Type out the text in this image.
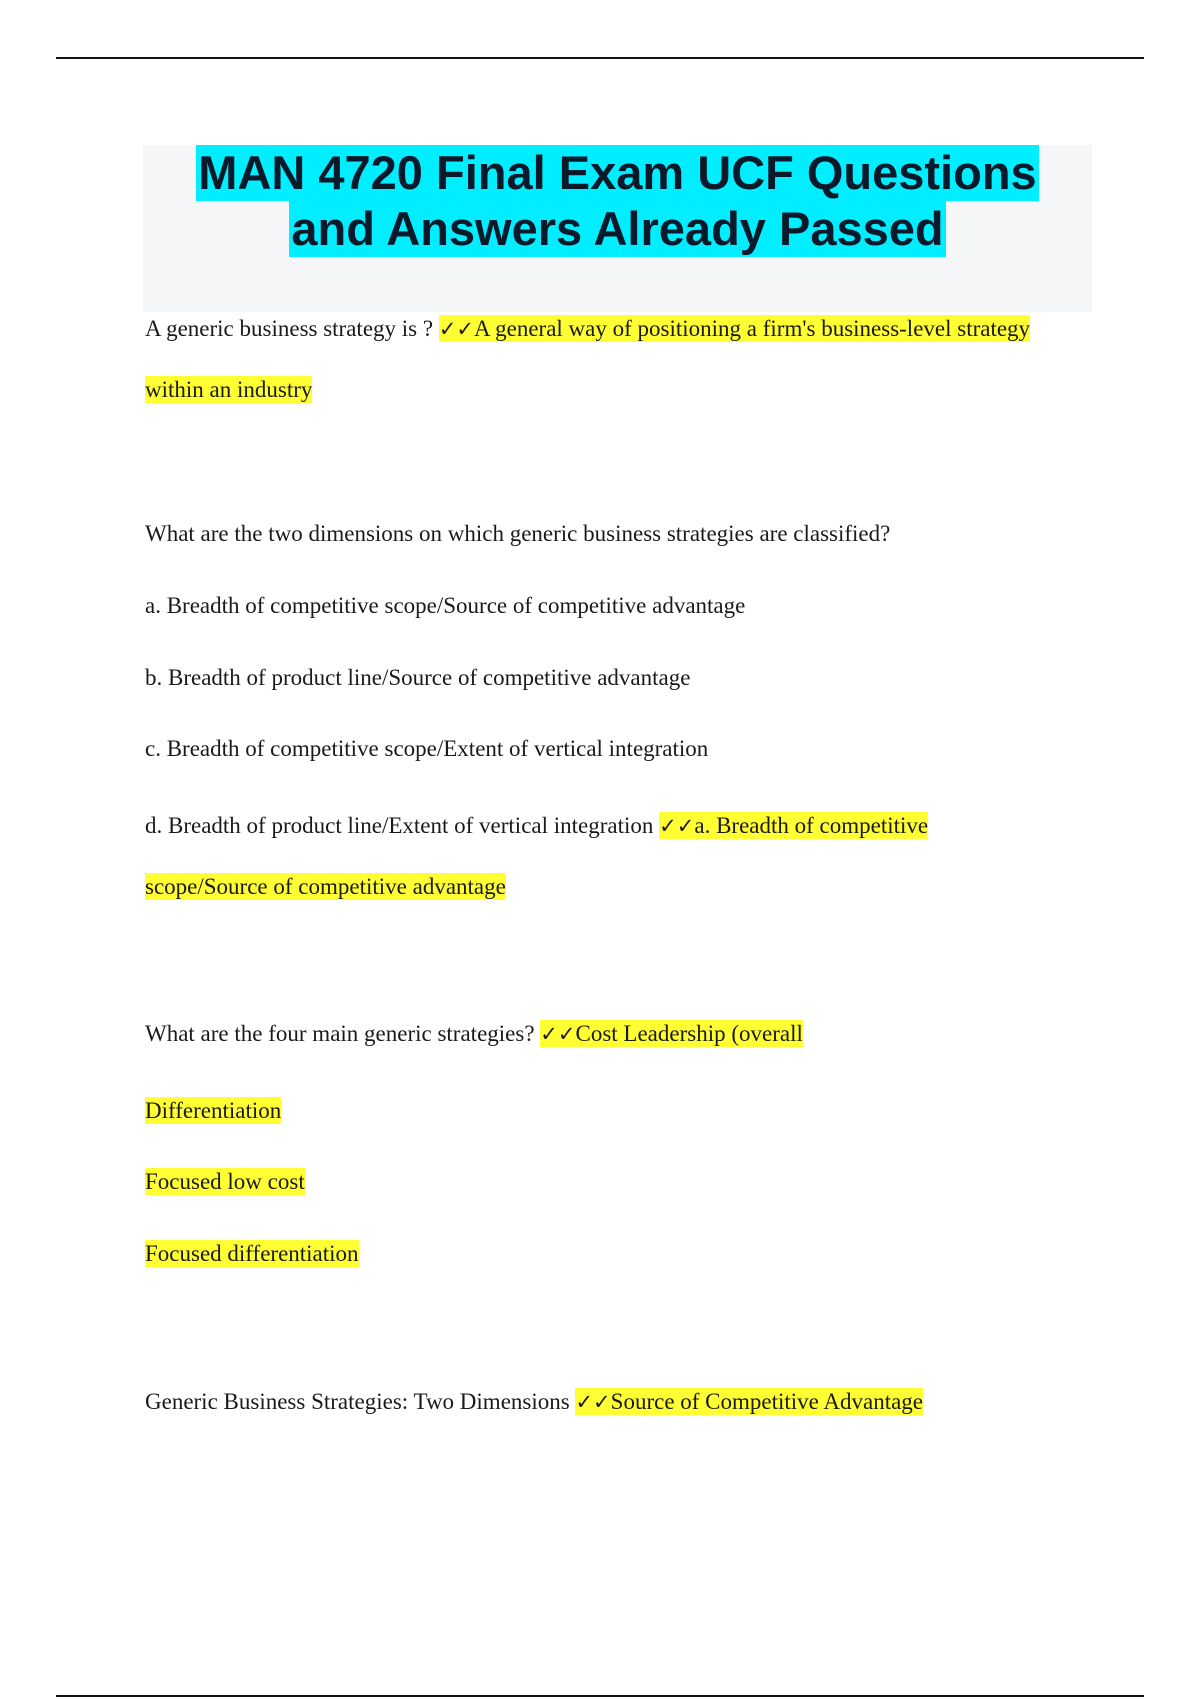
MAN 4720 Final Exam UCF Questions
and Answers Already Passed
A generic business strategy is ? ✓✓A general way of positioning a firm's business-level strategy
within an industry
What are the two dimensions on which generic business strategies are classified?
a. Breadth of competitive scope/Source of competitive advantage
b. Breadth of product line/Source of competitive advantage
c. Breadth of competitive scope/Extent of vertical integration
d. Breadth of product line/Extent of vertical integration ✓✓a. Breadth of competitive
scope/Source of competitive advantage
What are the four main generic strategies? ✓✓Cost Leadership (overall
Differentiation
Focused low cost
Focused differentiation
Generic Business Strategies: Two Dimensions ✓✓Source of Competitive Advantage
